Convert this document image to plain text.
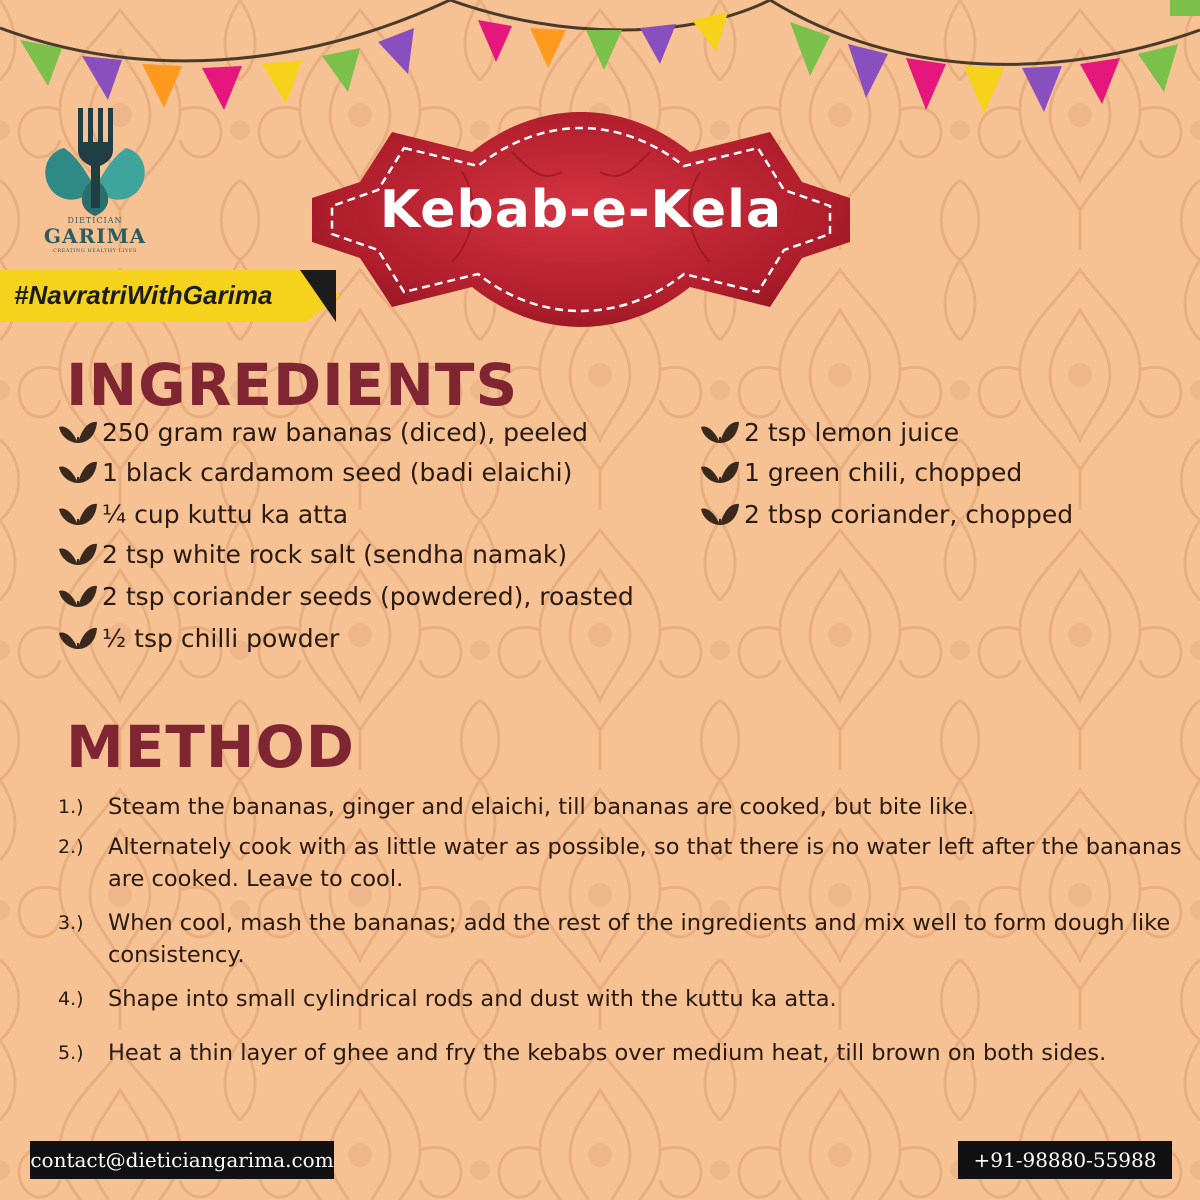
DIETICIAN
GARIMA
CREATING HEALTHY LIVES
#NavratriWithGarima
Kebab-e-Kela
INGREDIENTS
250 gram raw bananas (diced), peeled
1 black cardamom seed (badi elaichi)
¼ cup kuttu ka atta
2 tsp white rock salt (sendha namak)
2 tsp coriander seeds (powdered), roasted
½ tsp chilli powder
2 tsp lemon juice
1 green chili, chopped
2 tbsp coriander, chopped
METHOD
1.) Steam the bananas, ginger and elaichi, till bananas are cooked, but bite like.
2.) Alternately cook with as little water as possible, so that there is no water left after the bananas are cooked. Leave to cool.
3.) When cool, mash the bananas; add the rest of the ingredients and mix well to form dough like consistency.
4.) Shape into small cylindrical rods and dust with the kuttu ka atta.
5.) Heat a thin layer of ghee and fry the kebabs over medium heat, till brown on both sides.
contact@dieticiangarima.com	+91-98880-55988
